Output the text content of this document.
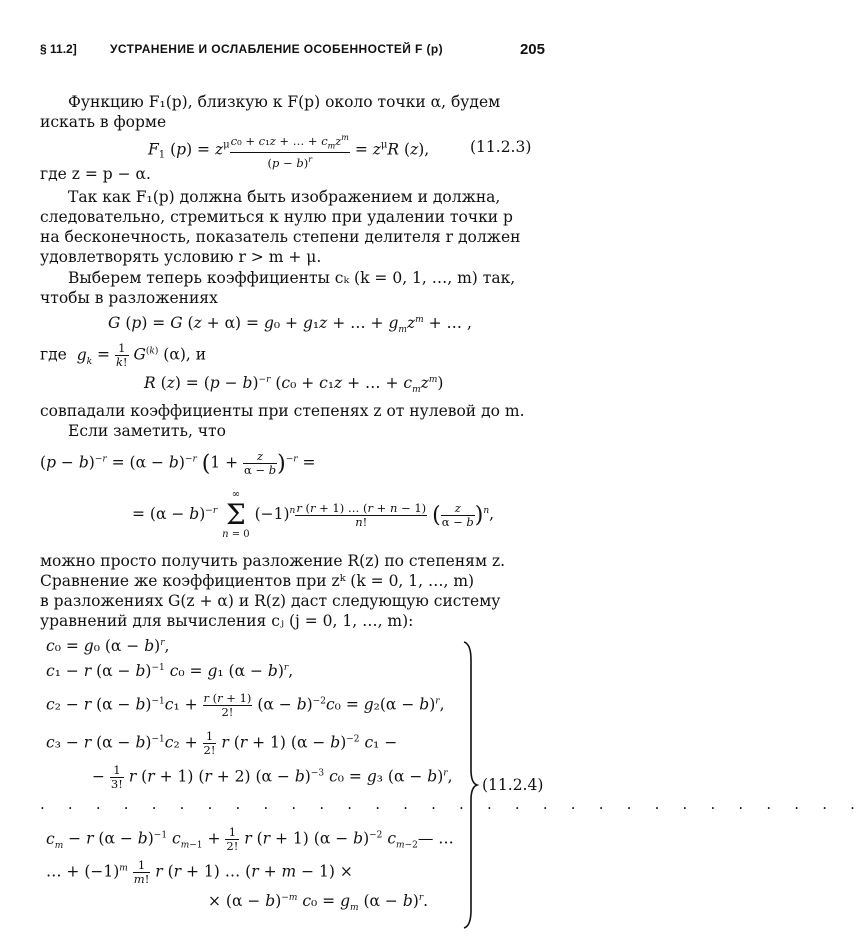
§ 11.2]	УСТРАНЕНИЕ И ОСЛАБЛЕНИЕ ОСОБЕННОСТЕЙ F (p)	205
Функцию F₁(p), близкую к F(p) около точки α, будем
искать в форме
$F_1$ $(p) = z^\mu \frac{c_0 + c_1z + \dots + c_mz^m}{(p - b)^r} = z^\mu R$ (z),	(11.2.3)
где z = p − α.
Так как F₁(p) должна быть изображением и должна,
следовательно, стремиться к нулю при удалении точки p
на бесконечность, показатель степени делителя r должен
удовлетворять условию r > m + μ.
Выберем теперь коэффициенты cₖ (k = 0, 1, …, m) так,
чтобы в разложениях
G (p) = G (z + α) = g₀ + g₁z + … + $g_mz^m$ + … ,
где $g_k = \frac{1}{k!} G^{(k)}$ (α), и
R $(z) = (p - b)^{-r}$ (c₀ + c₁z + … + $c_mz^m$)
совпадали коэффициенты при степенях z от нулевой до m.
Если заметить, что
$(p - b)^{-r} = (\alpha - b)^{-r}$ $(1 + \frac{z}{\alpha - b} )^{-r}$ =
= $(\alpha - b)^{-r}$
∞
Σ
n = 0
$(-1)^n \frac{r (r + 1) \dots (r + n - 1)}{n!}$ ( $\frac{z}{\alpha - b} )^n$,
можно просто получить разложение R(z) по степеням z.
Сравнение же коэффициентов при zᵏ (k = 0, 1, …, m)
в разложениях G(z + α) и R(z) даст следующую систему
уравнений для вычисления cⱼ (j = 0, 1, …, m):
c₀ = g₀ $(\alpha - b)^r$,
c₁ − r $(\alpha - b)^{-1}$ c₀ = g₁ $(\alpha - b)^r$,
c₂ − r $(\alpha - b)^{-1}c_1 + \frac{r (r + 1)}{2!} (\alpha - b)^{-2}c_0 = g_2(\alpha - b)^r$,
c₃ − r $(\alpha - b)^{-1}c_2 + \frac{1}{2!}$ r (r + 1) $(\alpha - b)^{-2}$ c₁ −
− $\frac{1}{3!}$ r (r + 1) (r + 2) $(\alpha - b)^{-3}$ c₀ = g₃ $(\alpha - b)^r$,
· · · · · · · · · · · · · · · · · · · · · · · · · · · · · ·
$c_m - r$ $(\alpha - b)^{-1}$ $c_{m-1} + \frac{1}{2!}$ r (r + 1) $(\alpha - b)^{-2}$ $c_{m-2}—$ …
… + $(-1)^m \frac{1}{m!}$ r (r + 1) … (r + m − 1) ×
× $(\alpha - b)^{-m}$ $c_0 = g_m$ $(\alpha - b)^r$.
(11.2.4)
